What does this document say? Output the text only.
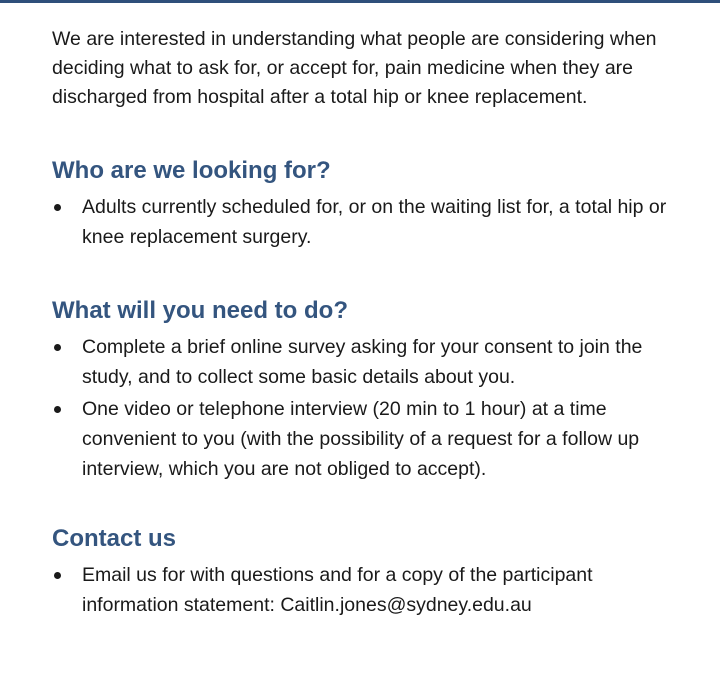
We are interested in understanding what people are considering when deciding what to ask for, or accept for, pain medicine when they are discharged from hospital after a total hip or knee replacement.

Who are we looking for?
Adults currently scheduled for, or on the waiting list for, a total hip or knee replacement surgery.
What will you need to do?
Complete a brief online survey asking for your consent to join the study, and to collect some basic details about you.
One video or telephone interview (20 min to 1 hour) at a time convenient to you (with the possibility of a request for a follow up interview, which you are not obliged to accept).
Contact us
Email us for with questions and for a copy of the participant information statement: Caitlin.jones@sydney.edu.au
